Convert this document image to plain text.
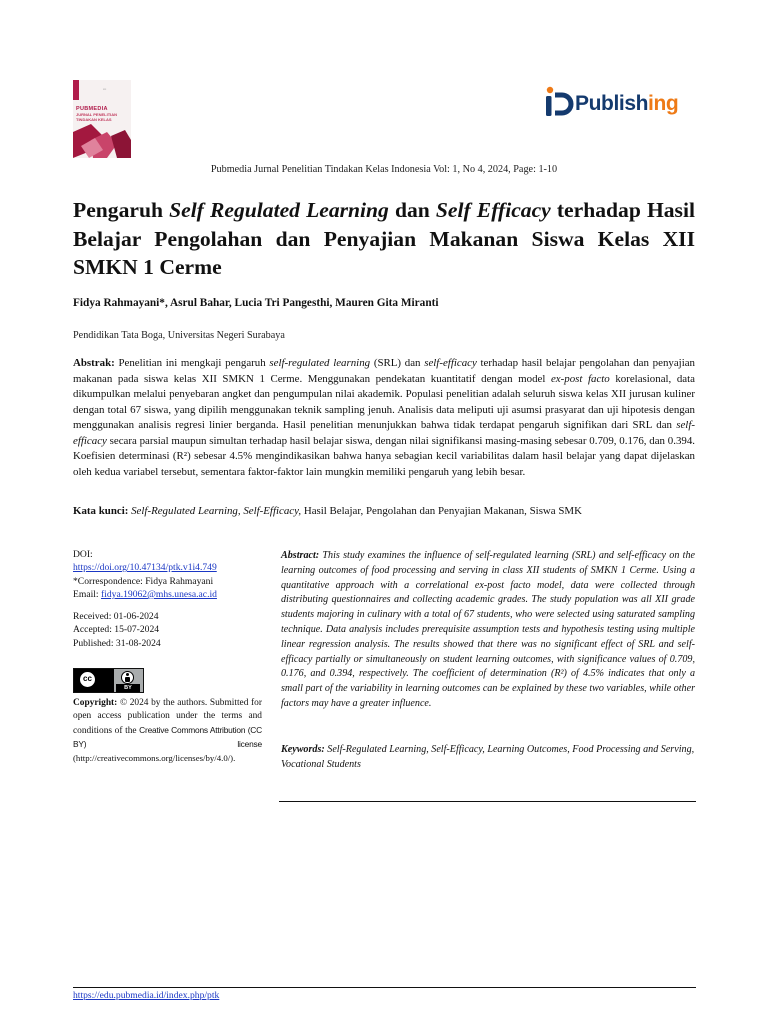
▪▪▪
PUBMEDIA
JURNAL PENELITIAN TINDAKAN KELAS
Publishing
Pubmedia Jurnal Penelitian Tindakan Kelas Indonesia Vol: 1, No 4, 2024, Page: 1-10
Pengaruh Self Regulated Learning dan Self Efficacy terhadap Hasil Belajar Pengolahan dan Penyajian Makanan Siswa Kelas XII SMKN 1 Cerme
Fidya Rahmayani*, Asrul Bahar, Lucia Tri Pangesthi, Mauren Gita Miranti
Pendidikan Tata Boga, Universitas Negeri Surabaya
Abstrak: Penelitian ini mengkaji pengaruh self-regulated learning (SRL) dan self-efficacy terhadap hasil belajar pengolahan dan penyajian makanan pada siswa kelas XII SMKN 1 Cerme. Menggunakan pendekatan kuantitatif dengan model ex-post facto korelasional, data dikumpulkan melalui penyebaran angket dan pengumpulan nilai akademik. Populasi penelitian adalah seluruh siswa kelas XII jurusan kuliner dengan total 67 siswa, yang dipilih menggunakan teknik sampling jenuh. Analisis data meliputi uji asumsi prasyarat dan uji hipotesis dengan menggunakan analisis regresi linier berganda. Hasil penelitian menunjukkan bahwa tidak terdapat pengaruh signifikan dari SRL dan self-efficacy secara parsial maupun simultan terhadap hasil belajar siswa, dengan nilai signifikansi masing-masing sebesar 0.709, 0.176, dan 0.394. Koefisien determinasi (R²) sebesar 4.5% mengindikasikan bahwa hanya sebagian kecil variabilitas dalam hasil belajar yang dapat dijelaskan oleh kedua variabel tersebut, sementara faktor-faktor lain mungkin memiliki pengaruh yang lebih besar.
Kata kunci: Self-Regulated Learning, Self-Efficacy, Hasil Belajar, Pengolahan dan Penyajian Makanan, Siswa SMK
DOI:
https://doi.org/10.47134/ptk.v1i4.749
*Correspondence: Fidya Rahmayani
Email: fidya.19062@mhs.unesa.ac.id
Received: 01-06-2024
Accepted: 15-07-2024
Published: 31-08-2024
cc
BY
Copyright: © 2024 by the authors. Submitted for open access publication under the terms and conditions of the Creative Commons Attribution (CC BY) license (http://creativecommons.org/licenses/by/4.0/).
Abstract: This study examines the influence of self-regulated learning (SRL) and self-efficacy on the learning outcomes of food processing and serving in class XII students of SMKN 1 Cerme. Using a quantitative approach with a correlational ex-post facto model, data were collected through distributing questionnaires and collecting academic grades. The study population was all XII grade students majoring in culinary with a total of 67 students, who were selected using saturated sampling technique. Data analysis includes prerequisite assumption tests and hypothesis testing using multiple linear regression analysis. The results showed that there was no significant effect of SRL and self-efficacy partially or simultaneously on student learning outcomes, with significance values of 0.709, 0.176, and 0.394, respectively. The coefficient of determination (R²) of 4.5% indicates that only a small part of the variability in learning outcomes can be explained by these two variables, while other factors may have a greater influence.
Keywords: Self-Regulated Learning, Self-Efficacy, Learning Outcomes, Food Processing and Serving, Vocational Students
https://edu.pubmedia.id/index.php/ptk
